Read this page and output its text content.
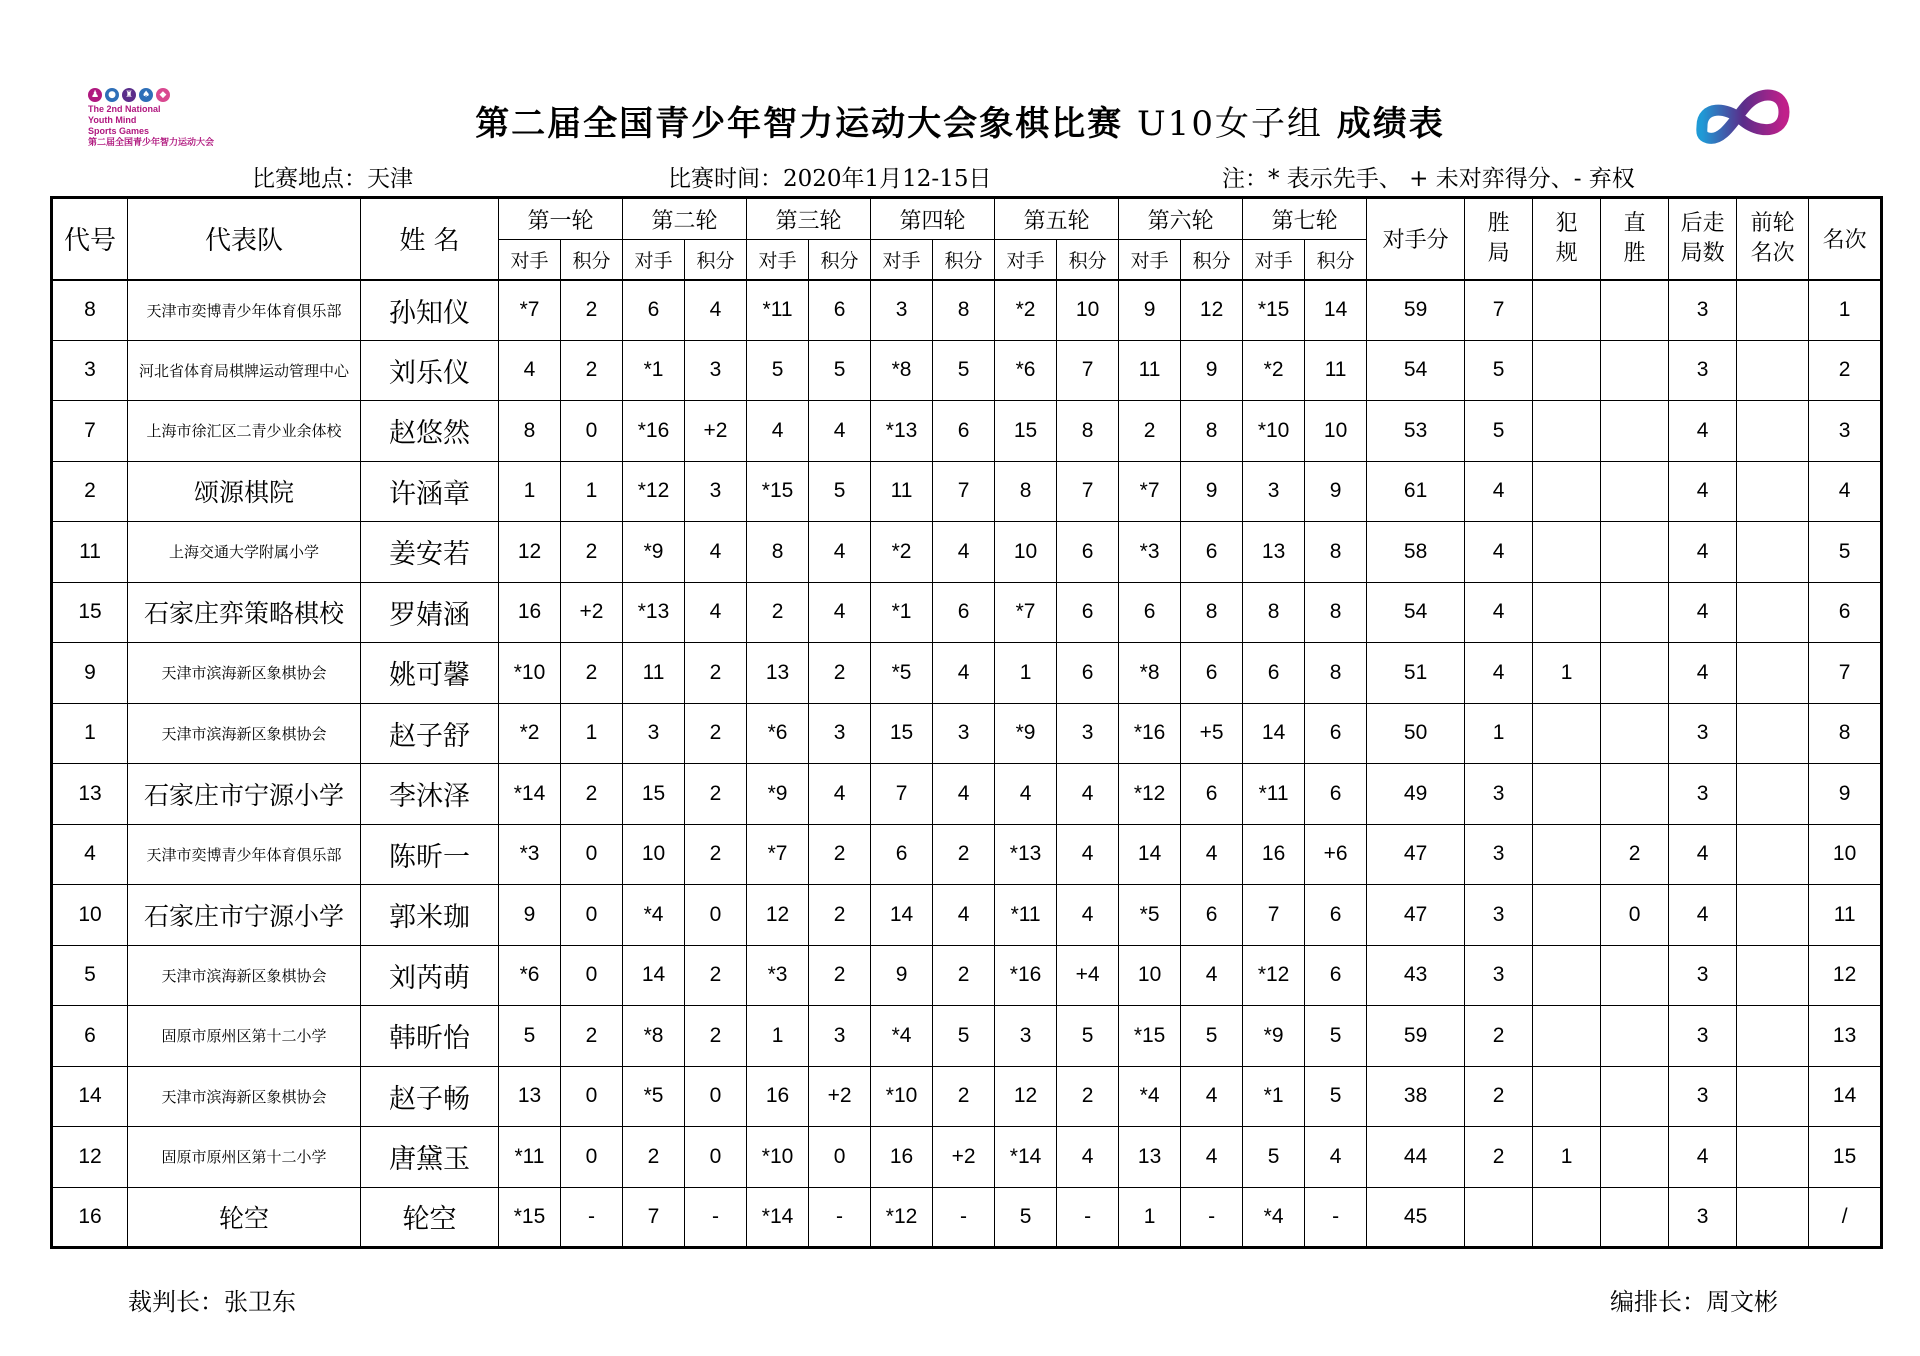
♟	●	♜ ♠	◆
The 2nd National
Youth Mind
Sports Games
第二届全国青少年智力运动大会	第二届全国青少年智力运动大会象棋比赛 U10女子组 成绩表
比赛地点：天津	比赛时间：2020年1月12-15日	注：* 表示先手、 + 未对弈得分、- 弃权
代号	代表队	姓 名	第一轮		第二轮		第三轮		第四轮		第五轮		第六轮		第七轮		对手分	胜局	犯规	直胜	后走局数	前轮名次	名次
			对手	积分	对手	积分	对手	积分	对手	积分	对手	积分	对手	积分	对手	积分							
8	天津市奕博青少年体育俱乐部	孙知仪	*7	2	6	4	*11	6	3	8	*2	10	9	12	*15	14	59	7			3		1
3	河北省体育局棋牌运动管理中心	刘乐仪	4	2	*1	3	5	5	*8	5	*6	7	11	9	*2	11	54	5			3		2
7	上海市徐汇区二青少业余体校	赵悠然	8	0	*16	+2	4	4	*13	6	15	8	2	8	*10	10	53	5			4		3
2	颂源棋院	许涵章	1	1	*12	3	*15	5	11	7	8	7	*7	9	3	9	61	4			4		4
11	上海交通大学附属小学	姜安若	12	2	*9	4	8	4	*2	4	10	6	*3	6	13	8	58	4			4		5
15	石家庄弈策略棋校	罗婧涵	16	+2	*13	4	2	4	*1	6	*7	6	6	8	8	8	54	4			4		6
9	天津市滨海新区象棋协会	姚可馨	*10	2	11	2	13	2	*5	4	1	6	*8	6	6	8	51	4	1		4		7
1	天津市滨海新区象棋协会	赵子舒	*2	1	3	2	*6	3	15	3	*9	3	*16	+5	14	6	50	1			3		8
13	石家庄市宁源小学	李沐泽	*14	2	15	2	*9	4	7	4	4	4	*12	6	*11	6	49	3			3		9
4	天津市奕博青少年体育俱乐部	陈昕一	*3	0	10	2	*7	2	6	2	*13	4	14	4	16	+6	47	3		2	4		10
10	石家庄市宁源小学	郭米珈	9	0	*4	0	12	2	14	4	*11	4	*5	6	7	6	47	3		0	4		11
5	天津市滨海新区象棋协会	刘芮萌	*6	0	14	2	*3	2	9	2	*16	+4	10	4	*12	6	43	3			3		12
6	固原市原州区第十二小学	韩昕怡	5	2	*8	2	1	3	*4	5	3	5	*15	5	*9	5	59	2			3		13
14	天津市滨海新区象棋协会	赵子畅	13	0	*5	0	16	+2	*10	2	12	2	*4	4	*1	5	38	2			3		14
12	固原市原州区第十二小学	唐黛玉	*11	0	2	0	*10	0	16	+2	*14	4	13	4	5	4	44	2	1		4		15
16	轮空	轮空	*15	-	7	-	*14	-	*12	-	5	-	1	-	*4	-	45				3		/
裁判长：张卫东	编排长：周文彬
